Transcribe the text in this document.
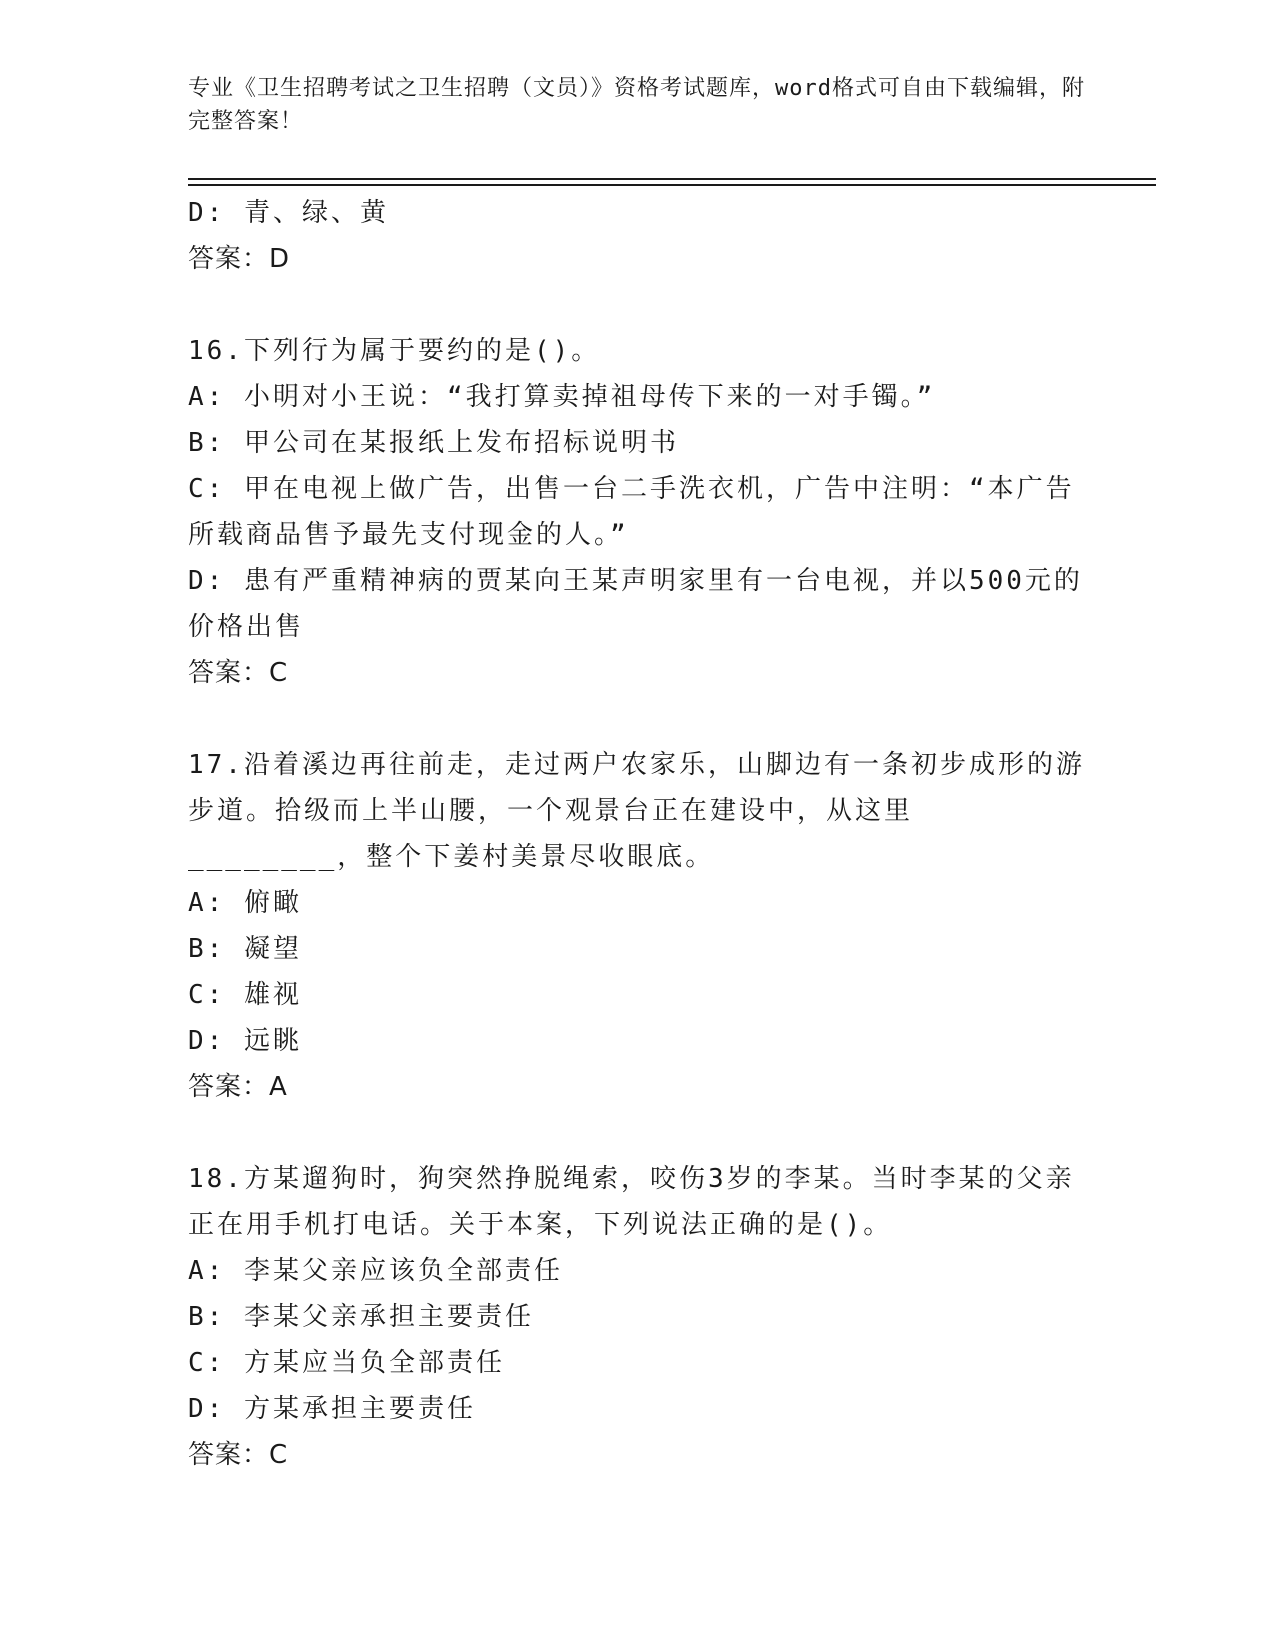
专业《卫生招聘考试之卫生招聘（文员）》资格考试题库，word格式可自由下载编辑，附完整答案！

D: 青、绿、黄

答案：D

16.下列行为属于要约的是()。

A: 小明对小王说：“我打算卖掉祖母传下来的一对手镯。”

B: 甲公司在某报纸上发布招标说明书

C: 甲在电视上做广告，出售一台二手洗衣机，广告中注明：“本广告所载商品售予最先支付现金的人。”

D: 患有严重精神病的贾某向王某声明家里有一台电视，并以500元的价格出售

答案：C

17.沿着溪边再往前走，走过两户农家乐，山脚边有一条初步成形的游步道。拾级而上半山腰，一个观景台正在建设中，从这里________，整个下姜村美景尽收眼底。

A: 俯瞰

B: 凝望

C: 雄视

D: 远眺

答案：A

18.方某遛狗时，狗突然挣脱绳索，咬伤3岁的李某。当时李某的父亲正在用手机打电话。关于本案，下列说法正确的是()。

A: 李某父亲应该负全部责任

B: 李某父亲承担主要责任

C: 方某应当负全部责任

D: 方某承担主要责任

答案：C
